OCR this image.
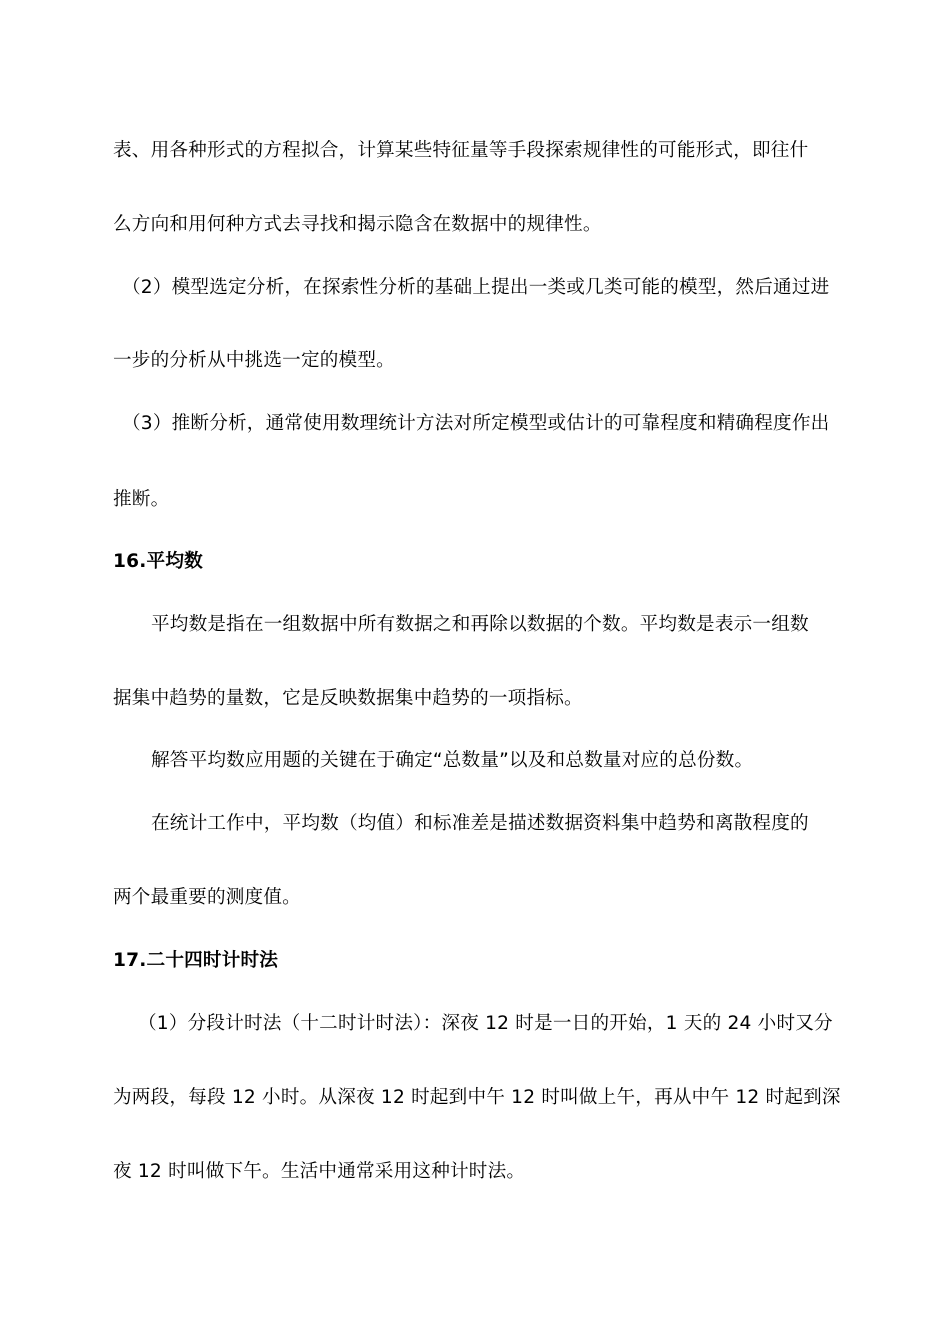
表、用各种形式的方程拟合，计算某些特征量等手段探索规律性的可能形式，即往什
么方向和用何种方式去寻找和揭示隐含在数据中的规律性。
（2）模型选定分析，在探索性分析的基础上提出一类或几类可能的模型，然后通过进
一步的分析从中挑选一定的模型。
（3）推断分析，通常使用数理统计方法对所定模型或估计的可靠程度和精确程度作出
推断。
16.平均数
平均数是指在一组数据中所有数据之和再除以数据的个数。平均数是表示一组数
据集中趋势的量数，它是反映数据集中趋势的一项指标。
解答平均数应用题的关键在于确定“总数量”以及和总数量对应的总份数。
在统计工作中，平均数（均值）和标准差是描述数据资料集中趋势和离散程度的
两个最重要的测度值。
17.二十四时计时法
（1）分段计时法（十二时计时法）：深夜 12 时是一日的开始，1 天的 24 小时又分
为两段，每段 12 小时。从深夜 12 时起到中午 12 时叫做上午，再从中午 12 时起到深
夜 12 时叫做下午。生活中通常采用这种计时法。
